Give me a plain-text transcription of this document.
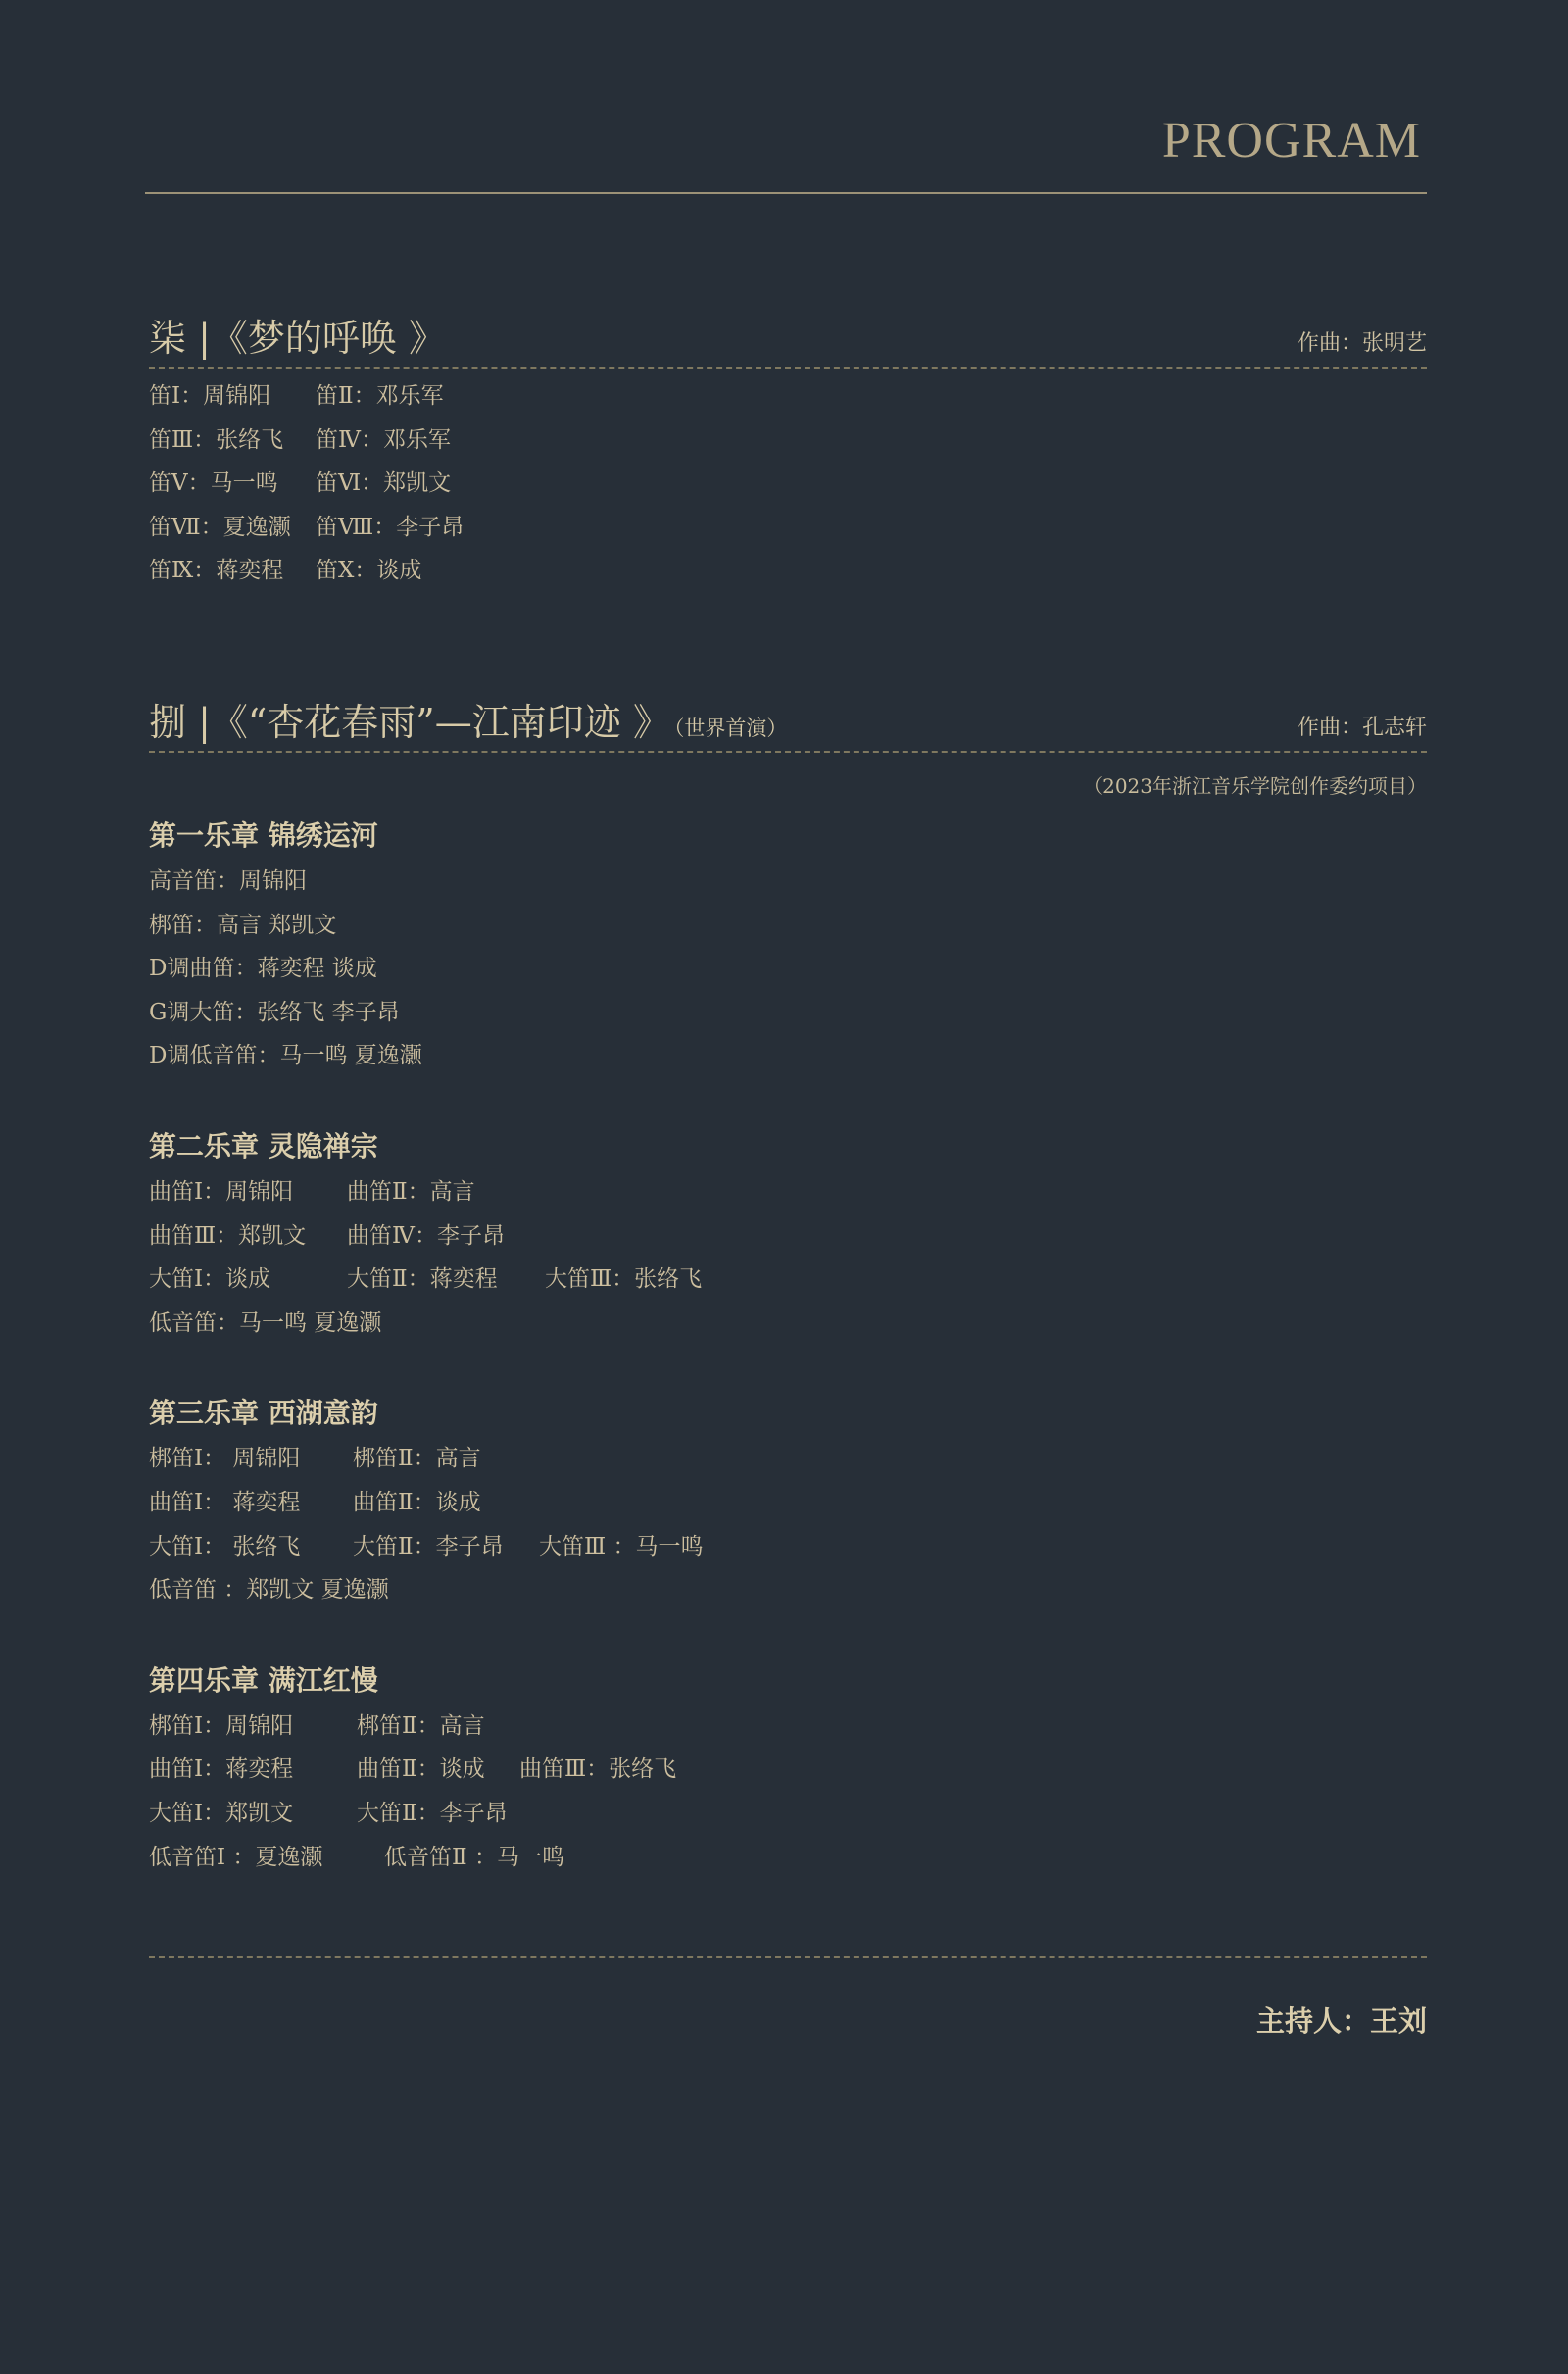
PROGRAM
柒 |《梦的呼唤 》	作曲：张明艺
笛Ⅰ：周锦阳 笛Ⅱ：邓乐军
笛Ⅲ：张络飞 笛Ⅳ：邓乐军
笛Ⅴ：马一鸣 笛Ⅵ：郑凯文
笛Ⅶ：夏逸灏 笛Ⅷ：李子昂
笛Ⅸ：蒋奕程 笛Ⅹ：谈成
捌 |《“杏花春雨”—江南印迹 》 （世界首演）	作曲：孔志轩
（2023年浙江音乐学院创作委约项目）
第一乐章 锦绣运河
高音笛：周锦阳
梆笛：高言 郑凯文
D调曲笛：蒋奕程 谈成
G调大笛：张络飞 李子昂
D调低音笛：马一鸣 夏逸灏
第二乐章 灵隐禅宗
曲笛Ⅰ：周锦阳 曲笛Ⅱ：高言
曲笛Ⅲ：郑凯文 曲笛Ⅳ：李子昂
大笛Ⅰ：谈成	大笛Ⅱ：蒋奕程 大笛Ⅲ：张络飞
低音笛：马一鸣 夏逸灏
第三乐章 西湖意韵
梆笛Ⅰ： 周锦阳 梆笛Ⅱ：高言
曲笛Ⅰ： 蒋奕程 曲笛Ⅱ：谈成
大笛Ⅰ： 张络飞 大笛Ⅱ：李子昂 大笛Ⅲ ：马一鸣
低音笛 ：郑凯文 夏逸灏
第四乐章 满江红慢
梆笛Ⅰ：周锦阳	梆笛Ⅱ：高言
曲笛Ⅰ：蒋奕程	曲笛Ⅱ：谈成 曲笛Ⅲ：张络飞
大笛Ⅰ：郑凯文	大笛Ⅱ：李子昂
低音笛Ⅰ ：夏逸灏	低音笛Ⅱ ：马一鸣
主持人：王刘
